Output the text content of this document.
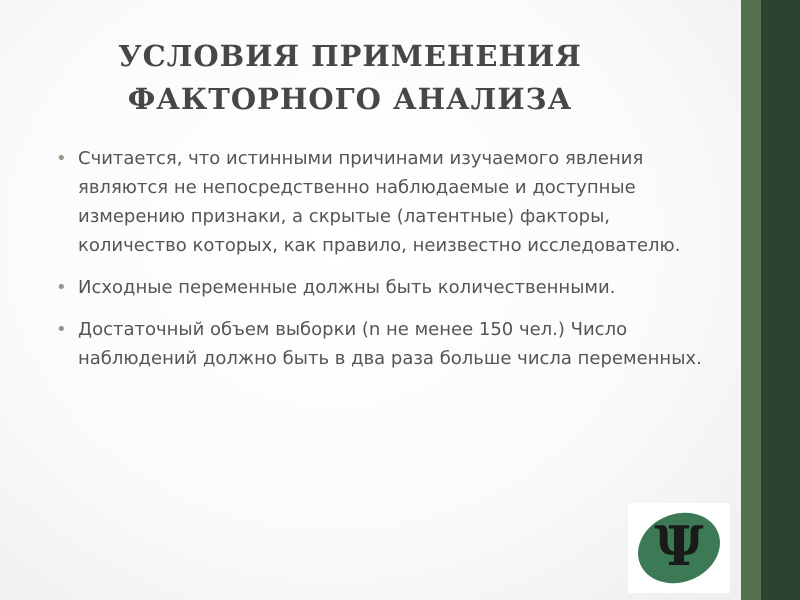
УСЛОВИЯ ПРИМЕНЕНИЯ
ФАКТОРНОГО АНАЛИЗА
• Считается, что истинными причинами изучаемого явления являются не непосредственно наблюдаемые и доступные измерению признаки, а скрытые (латентные) факторы, количество которых, как правило, неизвестно исследователю.
• Исходные переменные должны быть количественными.
• Достаточный объем выборки (n не менее 150 чел.) Число наблюдений должно быть в два раза больше числа переменных.
Ψ
